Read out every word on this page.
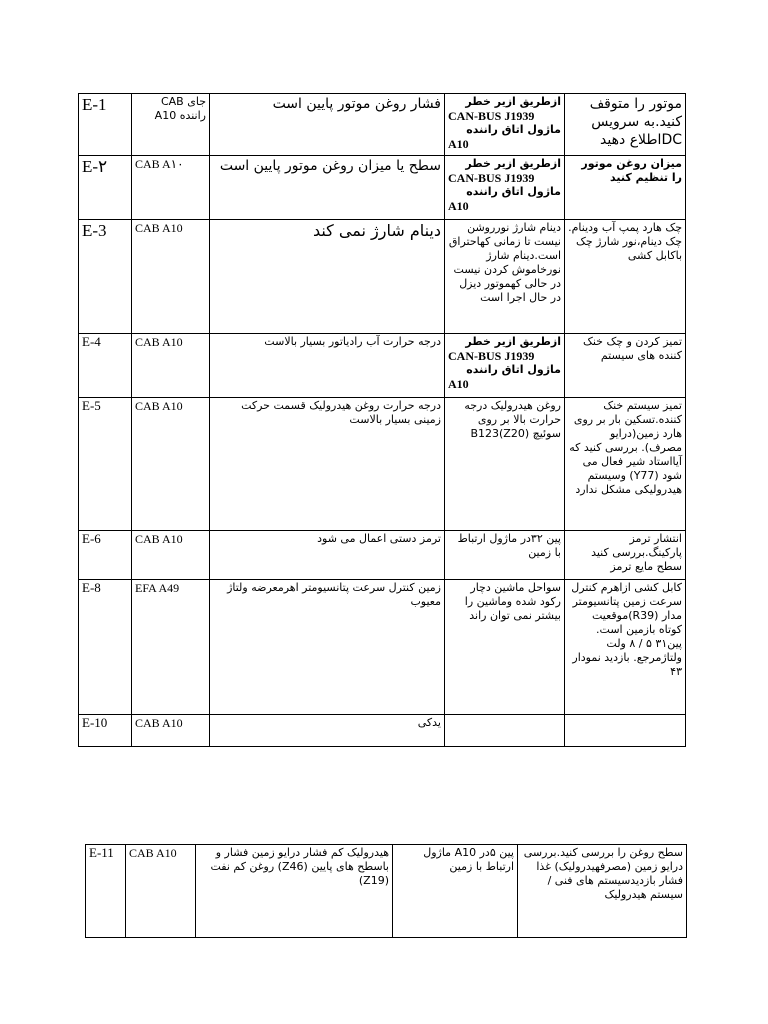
E-1	جای CAB راننده A10	فشار روغن موتور پایین است	ازطریق ازیر خطر
CAN-BUS J1939
ماژول اتاق راننده
A10	موتور را متوقف کنید.به سرویس DCاطلاع دهید
E-۲	CAB A۱۰	سطح یا میزان روغن موتور پایین است	ازطریق ازیر خطر
CAN-BUS J1939
ماژول اتاق راننده
A10	میزان روغن موتور را تنظیم کنید
E-3	CAB A10	دینام شارژ نمی کند	دینام شارژ نورروشن نیست تا زمانی کهاحتراق است.دینام شارژ نورخاموش کردن نیست در حالی کهموتور دیزل در حال اجرا است	چک هارد پمپ آب ودینام. چک دینام،نور شارژ چک باکابل کشی
E-4	CAB A10	درجه حرارت آب رادیاتور بسیار بالاست	ازطریق ازیر خطر
CAN-BUS J1939
ماژول اتاق راننده
A10	تمیز کردن و چک خنک کننده های سیستم
E-5	CAB A10	درجه حرارت روغن هیدرولیک قسمت حرکت زمینی بسیار بالاست	روغن هیدرولیک درجه حرارت بالا بر روی سوئیچ (B123(Z20	تمیز سیستم خنک کننده.تسکین بار بر روی هارد زمین(درایو مصرف). بررسی کنید که آیااستاد شیر فعال می شود (Y77) وسیستم هیدرولیکی مشکل ندارد
E-6	CAB A10	ترمز دستی اعمال می شود	پین ۳۲در ماژول ارتباط با زمین	انتشار ترمز پارکینگ.بررسی کنید سطح مایع ترمز
E-8	EFA A49	زمین کنترل سرعت پتانسیومتر اهرمعرضه ولتاژ معیوب	سواحل ماشین دچار رکود شده وماشین را بیشتر نمی توان راند	کابل کشی ازاهرم کنترل سرعت زمین پتانسیومتر مدار (R39)موقعیت کوتاه بازمین است. پین۳۱ ۵ / ۸ ولت ولتاژمرجع. بازدید نمودار ۴۳
E-10	CAB A10	یدکی		
E-11	CAB A10	هیدرولیک کم فشار درایو زمین فشار و باسطح های پایین (Z46) روغن کم نفت (Z19)	پین ۵در A10 ماژول ارتباط با زمین	سطح روغن را بررسی کنید.بررسی درایو زمین (مصرفهیدرولیک) غذا فشار بازدیدسیستم های فنی /سیستم هیدرولیک
